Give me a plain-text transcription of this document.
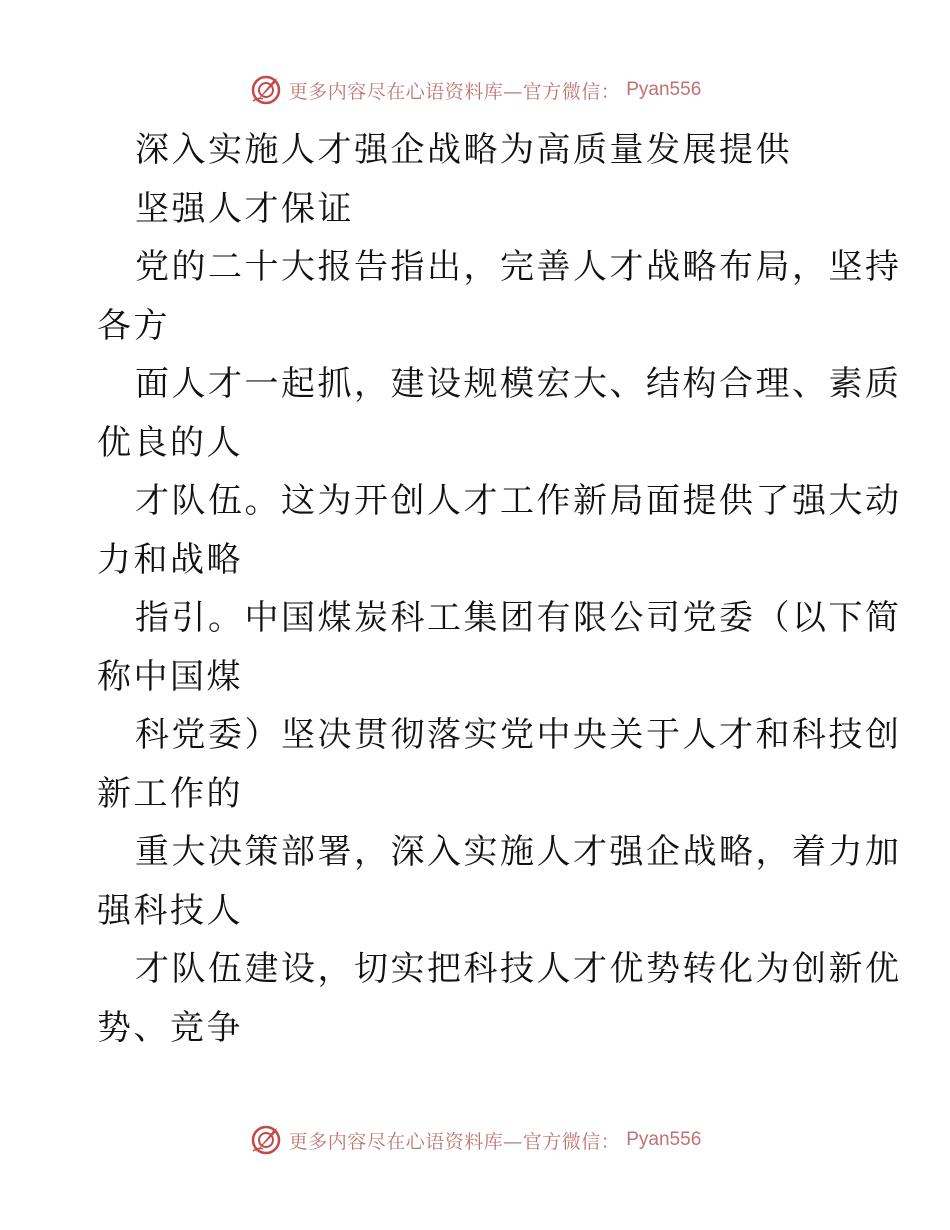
更多内容尽在心语资料库—官方微信： Pyan556
深入实施人才强企战略为高质量发展提供
坚强人才保证
党的二十大报告指出，完善人才战略布局，坚持
各方
面人才一起抓，建设规模宏大、结构合理、素质
优良的人
才队伍。这为开创人才工作新局面提供了强大动
力和战略
指引。中国煤炭科工集团有限公司党委（以下简
称中国煤
科党委）坚决贯彻落实党中央关于人才和科技创
新工作的
重大决策部署，深入实施人才强企战略，着力加
强科技人
才队伍建设，切实把科技人才优势转化为创新优
势、竞争
更多内容尽在心语资料库—官方微信： Pyan556
